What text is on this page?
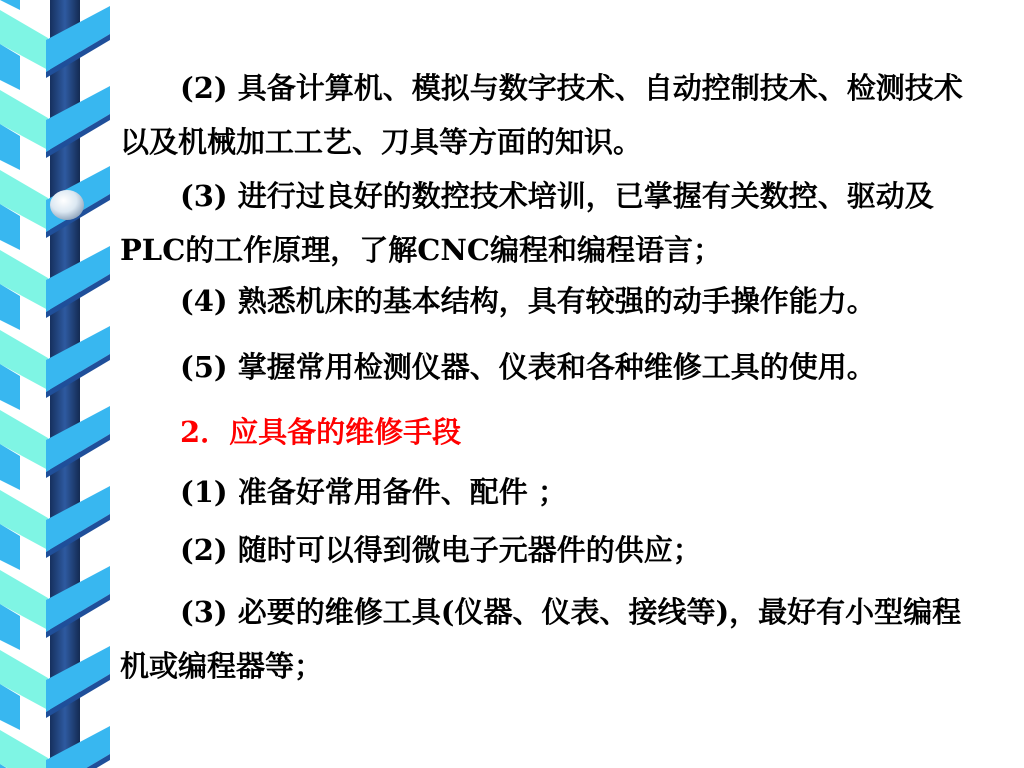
(2) 具备计算机、模拟与数字技术、自动控制技术、检测技术以及机械加工工艺、刀具等方面的知识。

(3) 进行过良好的数控技术培训，已掌握有关数控、驱动及PLC的工作原理，了解CNC编程和编程语言；

(4) 熟悉机床的基本结构，具有较强的动手操作能力。

(5) 掌握常用检测仪器、仪表和各种维修工具的使用。

2．应具备的维修手段

(1) 准备好常用备件、配件 ；

(2) 随时可以得到微电子元器件的供应；

(3) 必要的维修工具(仪器、仪表、接线等)，最好有小型编程机或编程器等；
